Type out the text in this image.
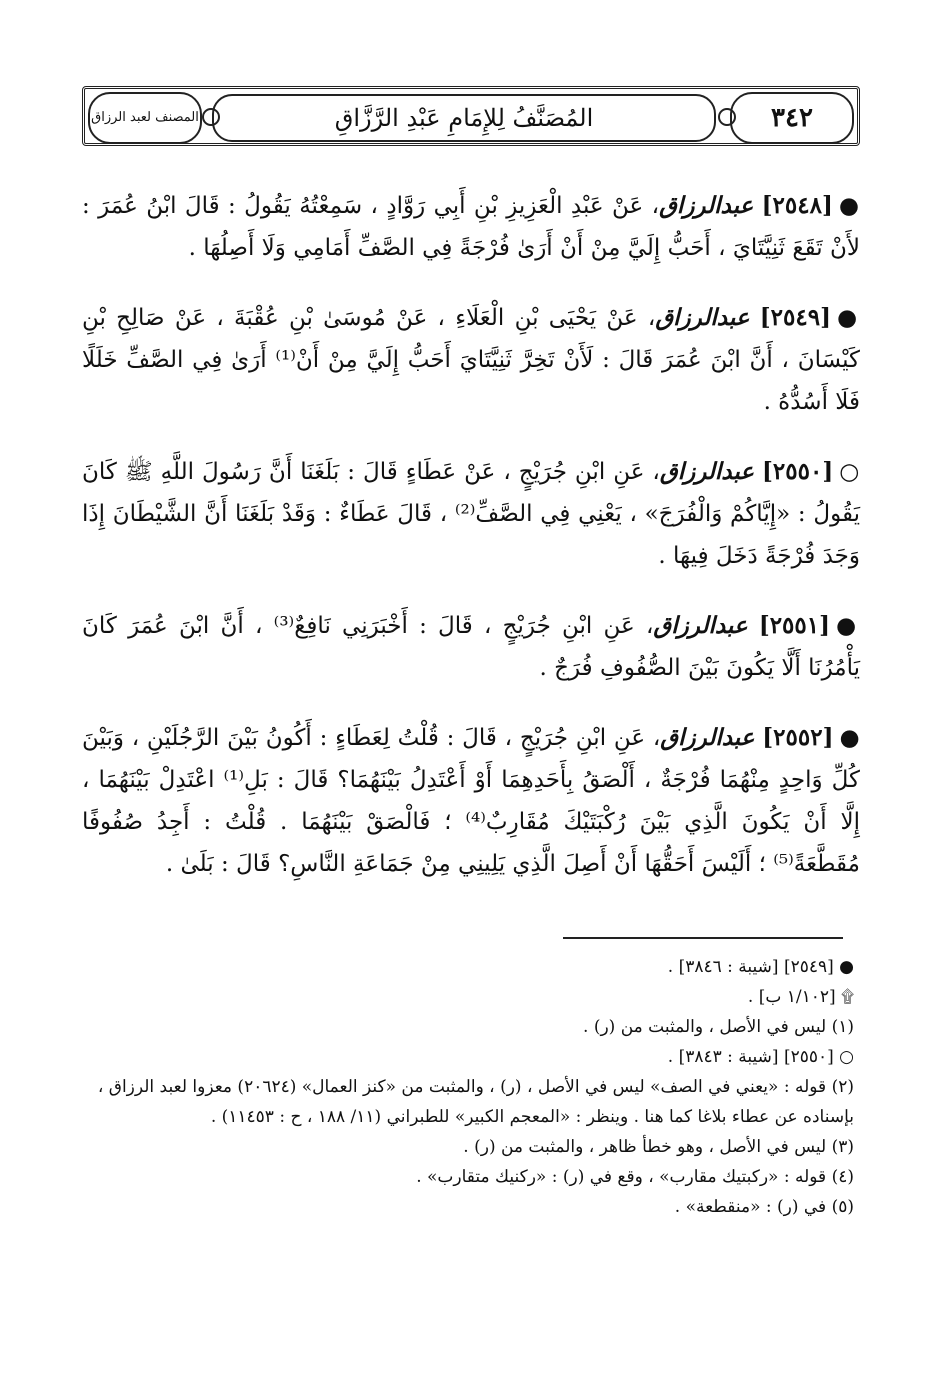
المصنف لعبد الرزاق	المُصَنَّفُ لِلإِمَامِ عَبْدِ الرَّزَّاقِ	٣٤٢

●[٢٥٤٨] عبدالرزاق، عَنْ عَبْدِ الْعَزِيزِ بْنِ أَبِي رَوَّادٍ ، سَمِعْتُهُ يَقُولُ : قَالَ ابْنُ عُمَرَ : لأَنْ تَقَعَ ثَنِيَّتَايَ ، أَحَبُّ إِلَيَّ مِنْ أَنْ أَرَىٰ فُرْجَةً فِي الصَّفِّ أَمَامِي وَلَا أَصِلُهَا .

●[٢٥٤٩] عبدالرزاق، عَنْ يَحْيَى بْنِ الْعَلَاءِ ، عَنْ مُوسَىٰ بْنِ عُقْبَةَ ، عَنْ صَالِحِ بْنِ كَيْسَانَ ، أَنَّ ابْنَ عُمَرَ قَالَ : لَأَنْ تَخِرَّ ثَنِيَّتَايَ أَحَبُّ إِلَيَّ مِنْ أَنْ⁽¹⁾ أَرَىٰ فِي الصَّفِّ خَلَلًا فَلَا أَسُدُّهُ .

○[٢٥٥٠] عبدالرزاق، عَنِ ابْنِ جُرَيْجٍ ، عَنْ عَطَاءٍ قَالَ : بَلَغَنَا أَنَّ رَسُولَ اللَّهِ ﷺ كَانَ يَقُولُ : «إِيَّاكُمْ وَالْفُرَجَ» ، يَعْنِي فِي الصَّفِّ⁽²⁾ ، قَالَ عَطَاءٌ : وَقَدْ بَلَغَنَا أَنَّ الشَّيْطَانَ إِذَا وَجَدَ فُرْجَةً دَخَلَ فِيهَا .

●[٢٥٥١] عبدالرزاق، عَنِ ابْنِ جُرَيْجٍ ، قَالَ : أَخْبَرَنِي نَافِعٌ⁽³⁾ ، أَنَّ ابْنَ عُمَرَ كَانَ يَأْمُرُنَا أَلَّا يَكُونَ بَيْنَ الصُّفُوفِ فُرَجٌ .

●[٢٥٥٢] عبدالرزاق، عَنِ ابْنِ جُرَيْجٍ ، قَالَ : قُلْتُ لِعَطَاءٍ : أَكُونُ بَيْنَ الرَّجُلَيْنِ ، وَبَيْنَ كُلِّ وَاحِدٍ مِنْهُمَا فُرْجَةٌ ، أَلْصَقُ بِأَحَدِهِمَا أَوْ أَعْتَدِلُ بَيْنَهُمَا؟ قَالَ : بَلِ⁽¹⁾ اعْتَدِلْ بَيْنَهُمَا ، إِلَّا أَنْ يَكُونَ الَّذِي بَيْنَ رُكْبَتَيْكَ مُقَارِبٌ⁽⁴⁾ ؛ فَالْصَقْ بَيْنَهُمَا . قُلْتُ : أَجِدُ صُفُوفًا مُقَطَّعَةً⁽⁵⁾ ؛ أَلَيْسَ أَحَقُّهَا أَنْ أَصِلَ الَّذِي يَلِينِي مِنْ جَمَاعَةِ النَّاسِ؟ قَالَ : بَلَىٰ .

● [٢٥٤٩] [شيبة : ٣٨٤٦] .

۩ [١/١٠٢ ب] .

(١) ليس في الأصل ، والمثبت من (ر) .

○ [٢٥٥٠] [شيبة : ٣٨٤٣] .

(٢) قوله : «يعني في الصف» ليس في الأصل ، (ر) ، والمثبت من «كنز العمال» (٢٠٦٢٤) معزوا لعبد الرزاق ، بإسناده عن عطاء بلاغا كما هنا . وينظر : «المعجم الكبير» للطبراني (١١/ ١٨٨ ، ح : ١١٤٥٣) .

(٣) ليس في الأصل ، وهو خطأ ظاهر ، والمثبت من (ر) .

(٤) قوله : «ركبتيك مقارب» ، وقع في (ر) : «ركنيك متقارب» .

(٥) في (ر) : «منقطعة» .
